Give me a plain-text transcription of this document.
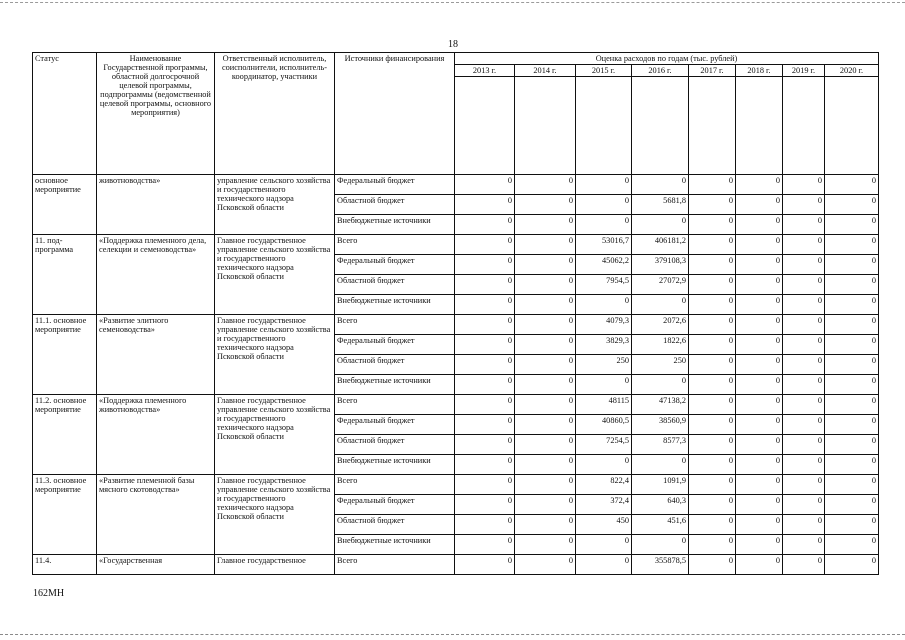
18
Статус	Наименование Государственной программы, областной долгосрочной целевой программы, подпрограммы (ведомственной целевой программы, основного мероприятия)	Ответственный исполнитель, соисполнители, исполнитель-координатор, участники	Источники финансирования	Оценка расходов по годам (тыс. рублей)							
				2013 г.	2014 г.	2015 г.	2016 г.	2017 г.	2018 г.	2019 г.	2020 г.

основное мероприятие	животноводства»	управление сельского хозяйства и государственного технического надзора Псковской области	Федеральный бюджет	0	0	0	0	0	0	0	0
			Областной бюджет	0	0	0	5681,8	0	0	0	0
			Внебюджетные источники	0	0	0	0	0	0	0	0
11. под-программа	«Поддержка племенного дела, селекции и семеноводства»	Главное государственное управление сельского хозяйства и государственного технического надзора Псковской области	Всего	0	0	53016,7	406181,2	0	0	0	0
			Федеральный бюджет	0	0	45062,2	379108,3	0	0	0	0
			Областной бюджет	0	0	7954,5	27072,9	0	0	0	0
			Внебюджетные источники	0	0	0	0	0	0	0	0
11.1. основное мероприятие	«Развитие элитного семеноводства»	Главное государственное управление сельского хозяйства и государственного технического надзора Псковской области	Всего	0	0	4079,3	2072,6	0	0	0	0
			Федеральный бюджет	0	0	3829,3	1822,6	0	0	0	0
			Областной бюджет	0	0	250	250	0	0	0	0
			Внебюджетные источники	0	0	0	0	0	0	0	0
11.2. основное мероприятие	«Поддержка племенного животноводства»	Главное государственное управление сельского хозяйства и государственного технического надзора Псковской области	Всего	0	0	48115	47138,2	0	0	0	0
			Федеральный бюджет	0	0	40860,5	38560,9	0	0	0	0
			Областной бюджет	0	0	7254,5	8577,3	0	0	0	0
			Внебюджетные источники	0	0	0	0	0	0	0	0
11.3. основное мероприятие	«Развитие племенной базы мясного скотоводства»	Главное государственное управление сельского хозяйства и государственного технического надзора Псковской области	Всего	0	0	822,4	1091,9	0	0	0	0
			Федеральный бюджет	0	0	372,4	640,3	0	0	0	0
			Областной бюджет	0	0	450	451,6	0	0	0	0
			Внебюджетные источники	0	0	0	0	0	0	0	0
11.4.	«Государственная	Главное государственное	Всего	0	0	0	355878,5	0	0	0	0
162МН
